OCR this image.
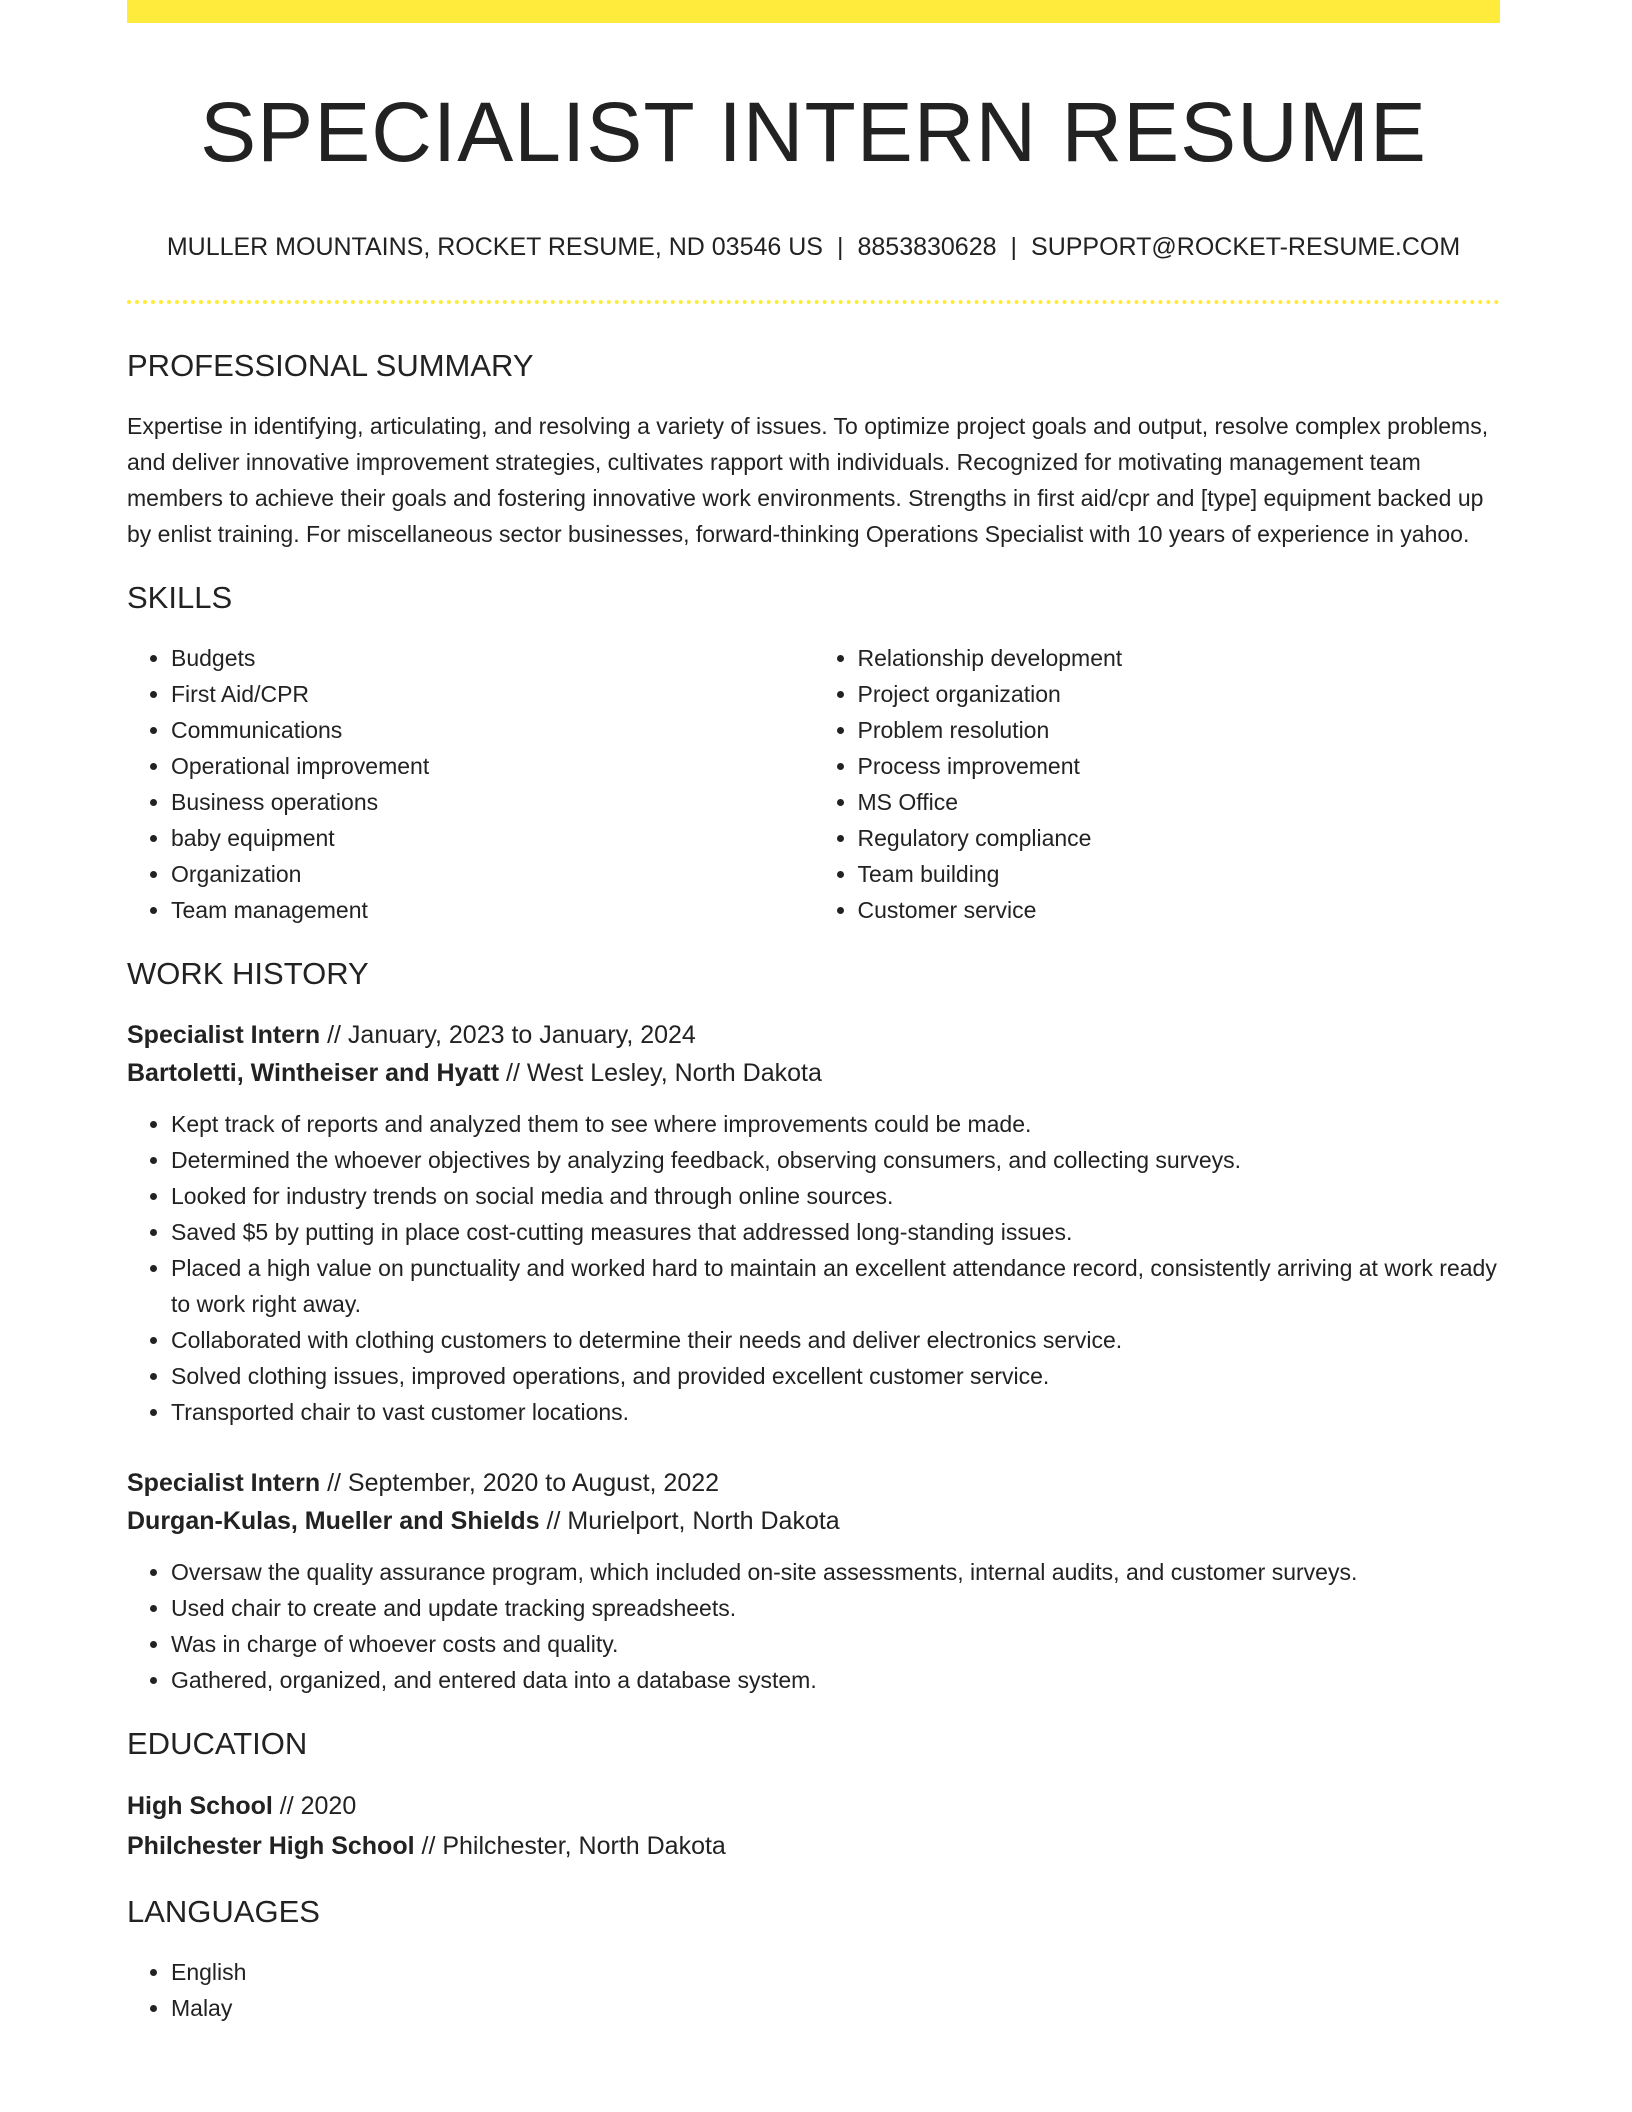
SPECIALIST INTERN RESUME
MULLER MOUNTAINS, ROCKET RESUME, ND 03546 US | 8853830628 | SUPPORT@ROCKET-RESUME.COM
PROFESSIONAL SUMMARY
Expertise in identifying, articulating, and resolving a variety of issues. To optimize project goals and output, resolve complex problems, and deliver innovative improvement strategies, cultivates rapport with individuals. Recognized for motivating management team members to achieve their goals and fostering innovative work environments. Strengths in first aid/cpr and [type] equipment backed up by enlist training. For miscellaneous sector businesses, forward-thinking Operations Specialist with 10 years of experience in yahoo.
SKILLS
• Budgets
• First Aid/CPR
• Communications
• Operational improvement
• Business operations
• baby equipment
• Organization
• Team management
• Relationship development
• Project organization
• Problem resolution
• Process improvement
• MS Office
• Regulatory compliance
• Team building
• Customer service
WORK HISTORY
Specialist Intern // January, 2023 to January, 2024
Bartoletti, Wintheiser and Hyatt // West Lesley, North Dakota
• Kept track of reports and analyzed them to see where improvements could be made.
• Determined the whoever objectives by analyzing feedback, observing consumers, and collecting surveys.
• Looked for industry trends on social media and through online sources.
• Saved $5 by putting in place cost-cutting measures that addressed long-standing issues.
• Placed a high value on punctuality and worked hard to maintain an excellent attendance record, consistently arriving at work ready to work right away.
• Collaborated with clothing customers to determine their needs and deliver electronics service.
• Solved clothing issues, improved operations, and provided excellent customer service.
• Transported chair to vast customer locations.
Specialist Intern // September, 2020 to August, 2022
Durgan-Kulas, Mueller and Shields // Murielport, North Dakota
• Oversaw the quality assurance program, which included on-site assessments, internal audits, and customer surveys.
• Used chair to create and update tracking spreadsheets.
• Was in charge of whoever costs and quality.
• Gathered, organized, and entered data into a database system.
EDUCATION
High School // 2020
Philchester High School // Philchester, North Dakota
LANGUAGES
• English
• Malay
